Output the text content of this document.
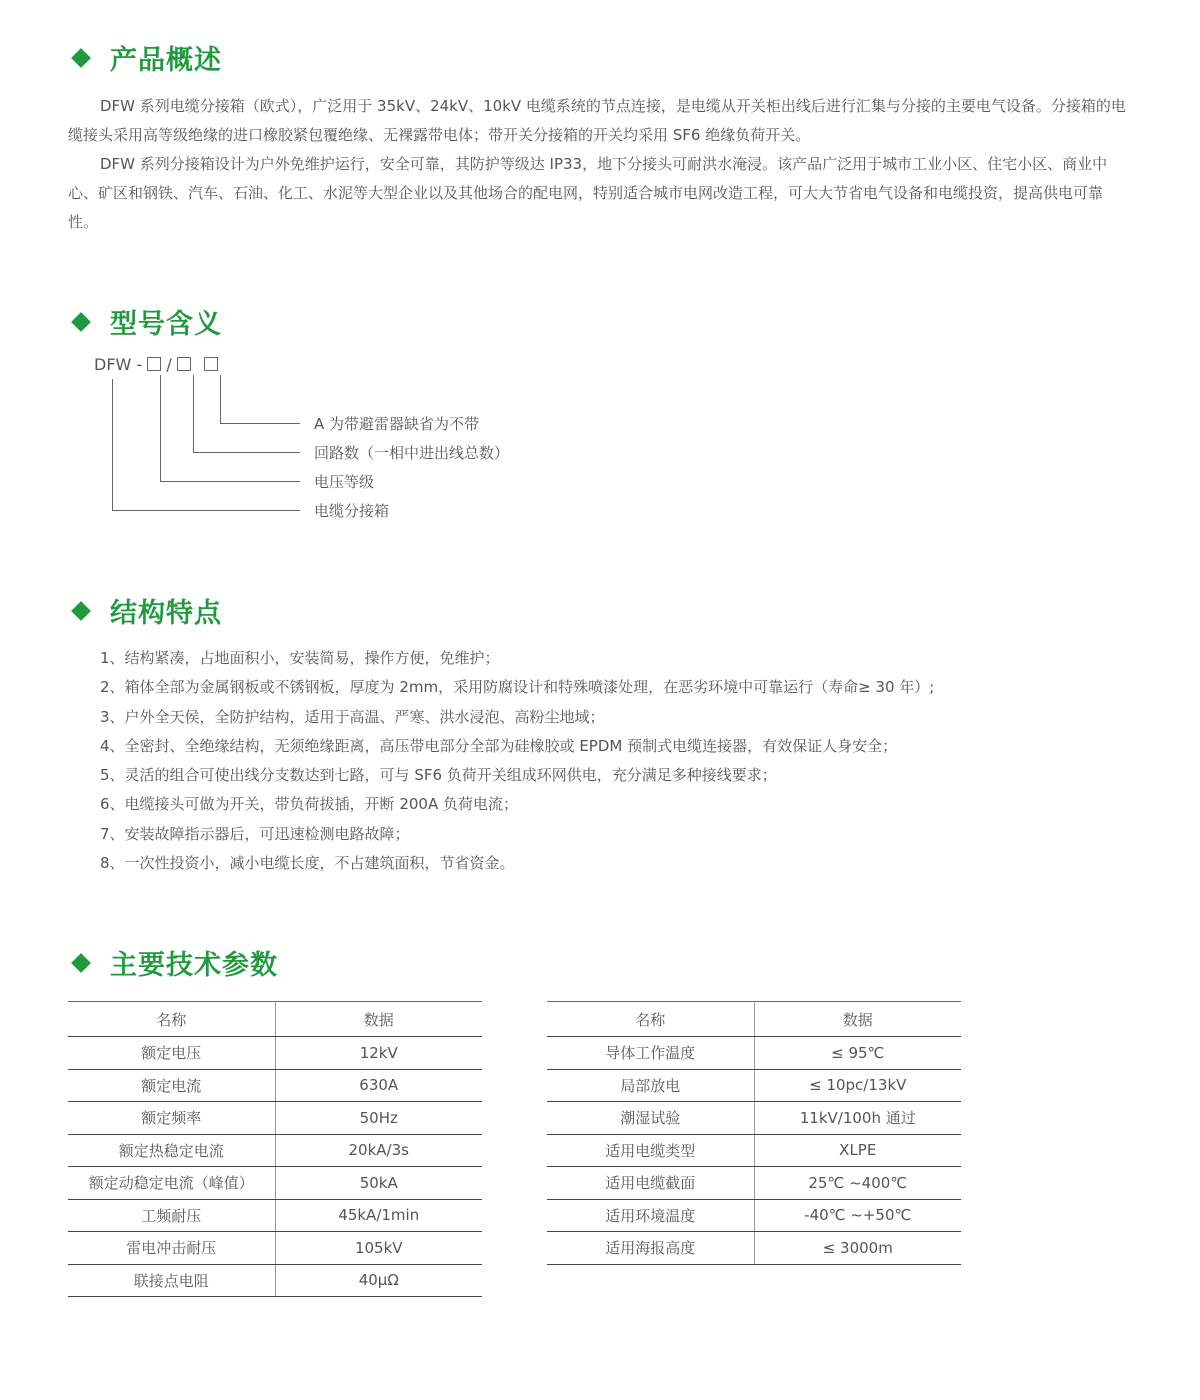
产品概述

DFW 系列电缆分接箱（欧式），广泛用于 35kV、24kV、10kV 电缆系统的节点连接，是电缆从开关柜出线后进行汇集与分接的主要电气设备。分接箱的电缆接头采用高等级绝缘的进口橡胶紧包覆绝缘、无裸露带电体；带开关分接箱的开关均采用 SF6 绝缘负荷开关。

DFW 系列分接箱设计为户外免维护运行，安全可靠，其防护等级达 IP33，地下分接头可耐洪水淹浸。该产品广泛用于城市工业小区、住宅小区、商业中心、矿区和钢铁、汽车、石油、化工、水泥等大型企业以及其他场合的配电网，特别适合城市电网改造工程，可大大节省电气设备和电缆投资，提高供电可靠性。

型号含义
DFW - /
A 为带避雷器缺省为不带
回路数（一相中进出线总数）
电压等级
电缆分接箱
结构特点
1、结构紧凑，占地面积小，安装简易，操作方便，免维护；
2、箱体全部为金属钢板或不锈钢板，厚度为 2mm，采用防腐设计和特殊喷漆处理，在恶劣环境中可靠运行（寿命≥ 30 年）;
3、户外全天侯，全防护结构，适用于高温、严寒、洪水浸泡、高粉尘地域；
4、全密封、全绝缘结构，无须绝缘距离，高压带电部分全部为硅橡胶或 EPDM 预制式电缆连接器，有效保证人身安全；
5、灵活的组合可使出线分支数达到七路，可与 SF6 负荷开关组成环网供电，充分满足多种接线要求；
6、电缆接头可做为开关，带负荷拔插，开断 200A 负荷电流；
7、安装故障指示器后，可迅速检测电路故障；
8、一次性投资小，减小电缆长度，不占建筑面积，节省资金。
主要技术参数
名称	数据
额定电压	12kV
额定电流	630A
额定频率	50Hz
额定热稳定电流	20kA/3s
额定动稳定电流（峰值）	50kA
工频耐压	45kA/1min
雷电冲击耐压	105kV
联接点电阻	40μΩ
名称	数据
导体工作温度	≤ 95℃
局部放电	≤ 10pc/13kV
潮湿试验	11kV/100h 通过
适用电缆类型	XLPE
适用电缆截面	25℃ ~400℃
适用环境温度	-40℃ ~+50℃
适用海报高度	≤ 3000m
